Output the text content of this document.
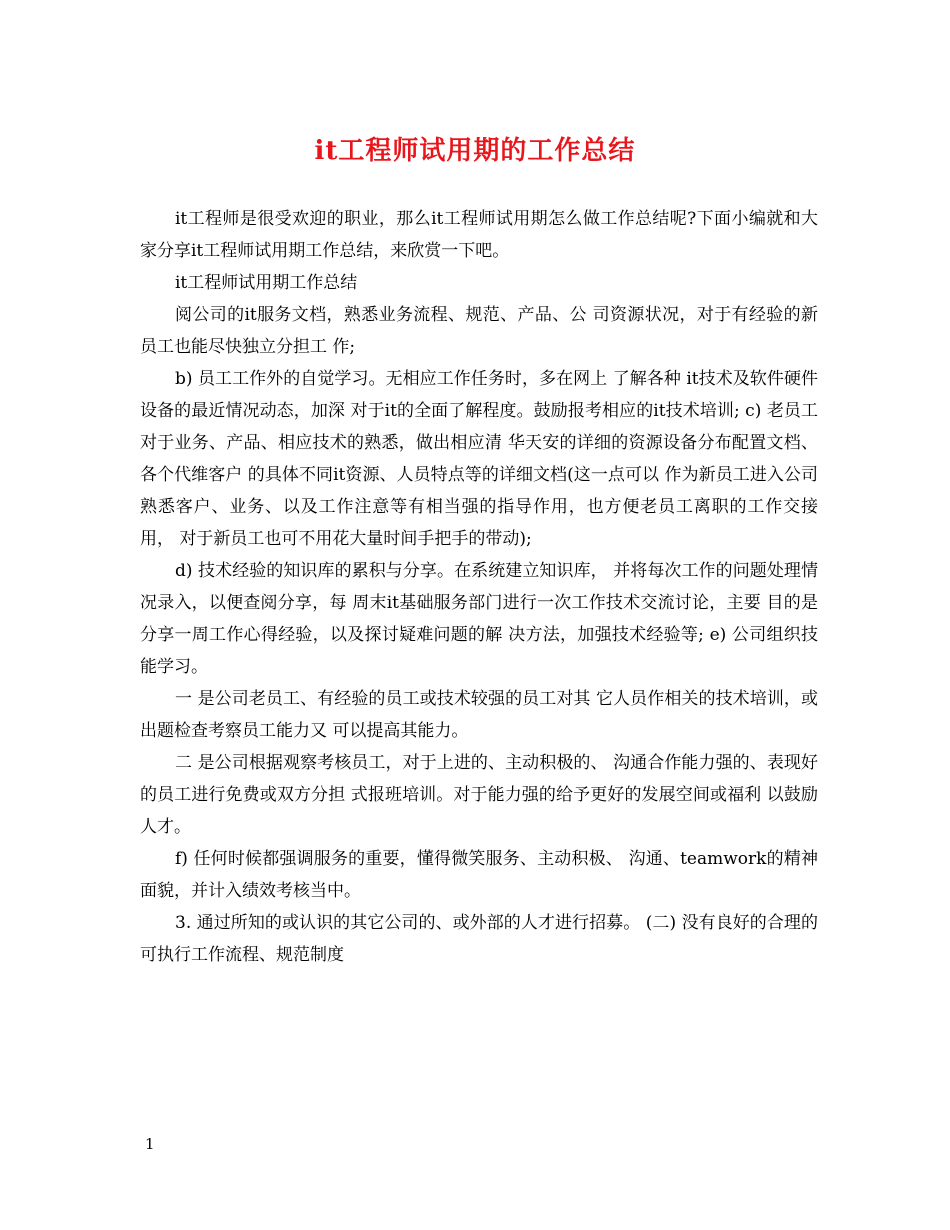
it工程师试用期的工作总结

it工程师是很受欢迎的职业，那么it工程师试用期怎么做工作总结呢?下面小编就和大家分享it工程师试用期工作总结，来欣赏一下吧。

it工程师试用期工作总结

阅公司的it服务文档，熟悉业务流程、规范、产品、公 司资源状况，对于有经验的新员工也能尽快独立分担工 作;

b) 员工工作外的自觉学习。无相应工作任务时，多在网上 了解各种 it技术及软件硬件设备的最近情况动态，加深 对于it的全面了解程度。鼓励报考相应的it技术培训; c) 老员工对于业务、产品、相应技术的熟悉，做出相应清 华天安的详细的资源设备分布配置文档、各个代维客户 的具体不同it资源、人员特点等的详细文档(这一点可以 作为新员工进入公司熟悉客户、业务、以及工作注意等有相当强的指导作用，也方便老员工离职的工作交接用， 对于新员工也可不用花大量时间手把手的带动);

d) 技术经验的知识库的累积与分享。在系统建立知识库， 并将每次工作的问题处理情况录入，以便查阅分享，每 周末it基础服务部门进行一次工作技术交流讨论，主要 目的是分享一周工作心得经验，以及探讨疑难问题的解 决方法，加强技术经验等; e) 公司组织技能学习。

一 是公司老员工、有经验的员工或技术较强的员工对其 它人员作相关的技术培训，或出题检查考察员工能力又 可以提高其能力。

二 是公司根据观察考核员工，对于上进的、主动积极的、 沟通合作能力强的、表现好的员工进行免费或双方分担 式报班培训。对于能力强的给予更好的发展空间或福利 以鼓励人才。

f) 任何时候都强调服务的重要，懂得微笑服务、主动积极、 沟通、teamwork的精神面貌，并计入绩效考核当中。

3. 通过所知的或认识的其它公司的、或外部的人才进行招募。 (二) 没有良好的合理的可执行工作流程、规范制度

1
